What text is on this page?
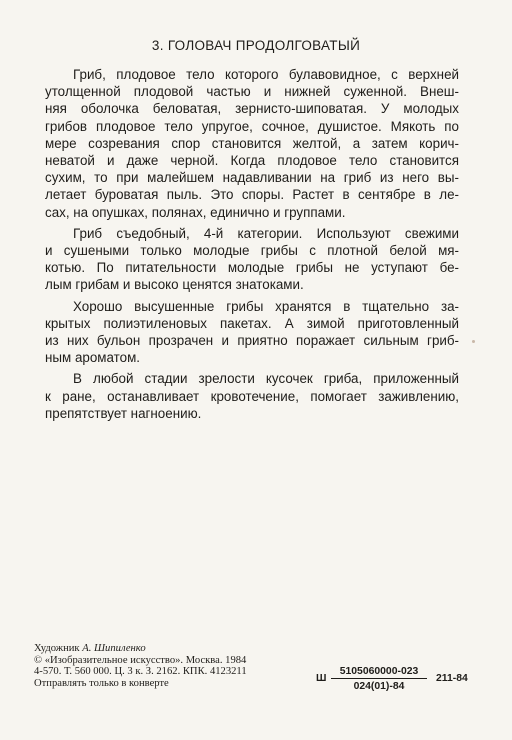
3. ГОЛОВАЧ ПРОДОЛГОВАТЫЙ

Гриб, плодовое тело которого булавовидное, с верхней
утолщенной плодовой частью и нижней суженной. Внеш-
няя оболочка беловатая, зернисто-шиповатая. У молодых
грибов плодовое тело упругое, сочное, душистое. Мякоть по
мере созревания спор становится желтой, а затем корич-
неватой и даже черной. Когда плодовое тело становится
сухим, то при малейшем надавливании на гриб из него вы-
летает буроватая пыль. Это споры. Растет в сентябре в ле-
сах, на опушках, полянах, единично и группами.

Гриб съедобный, 4-й категории. Используют свежими
и сушеными только молодые грибы с плотной белой мя-
котью. По питательности молодые грибы не уступают бе-
лым грибам и высоко ценятся знатоками.

Хорошо высушенные грибы хранятся в тщательно за-
крытых полиэтиленовых пакетах. А зимой приготовленный
из них бульон прозрачен и приятно поражает сильным гриб-
ным ароматом.

В любой стадии зрелости кусочек гриба, приложенный
к ране, останавливает кровотечение, помогает заживлению,
препятствует нагноению.

Художник А. Шипиленко
© «Изобразительное искусство». Москва. 1984
4-570. Т. 560 000. Ц. 3 к. З. 2162. КПК. 4123211
Отправлять только в конверте	Ш $\frac{5105060000-023}{024(01)-84} 211-84$
